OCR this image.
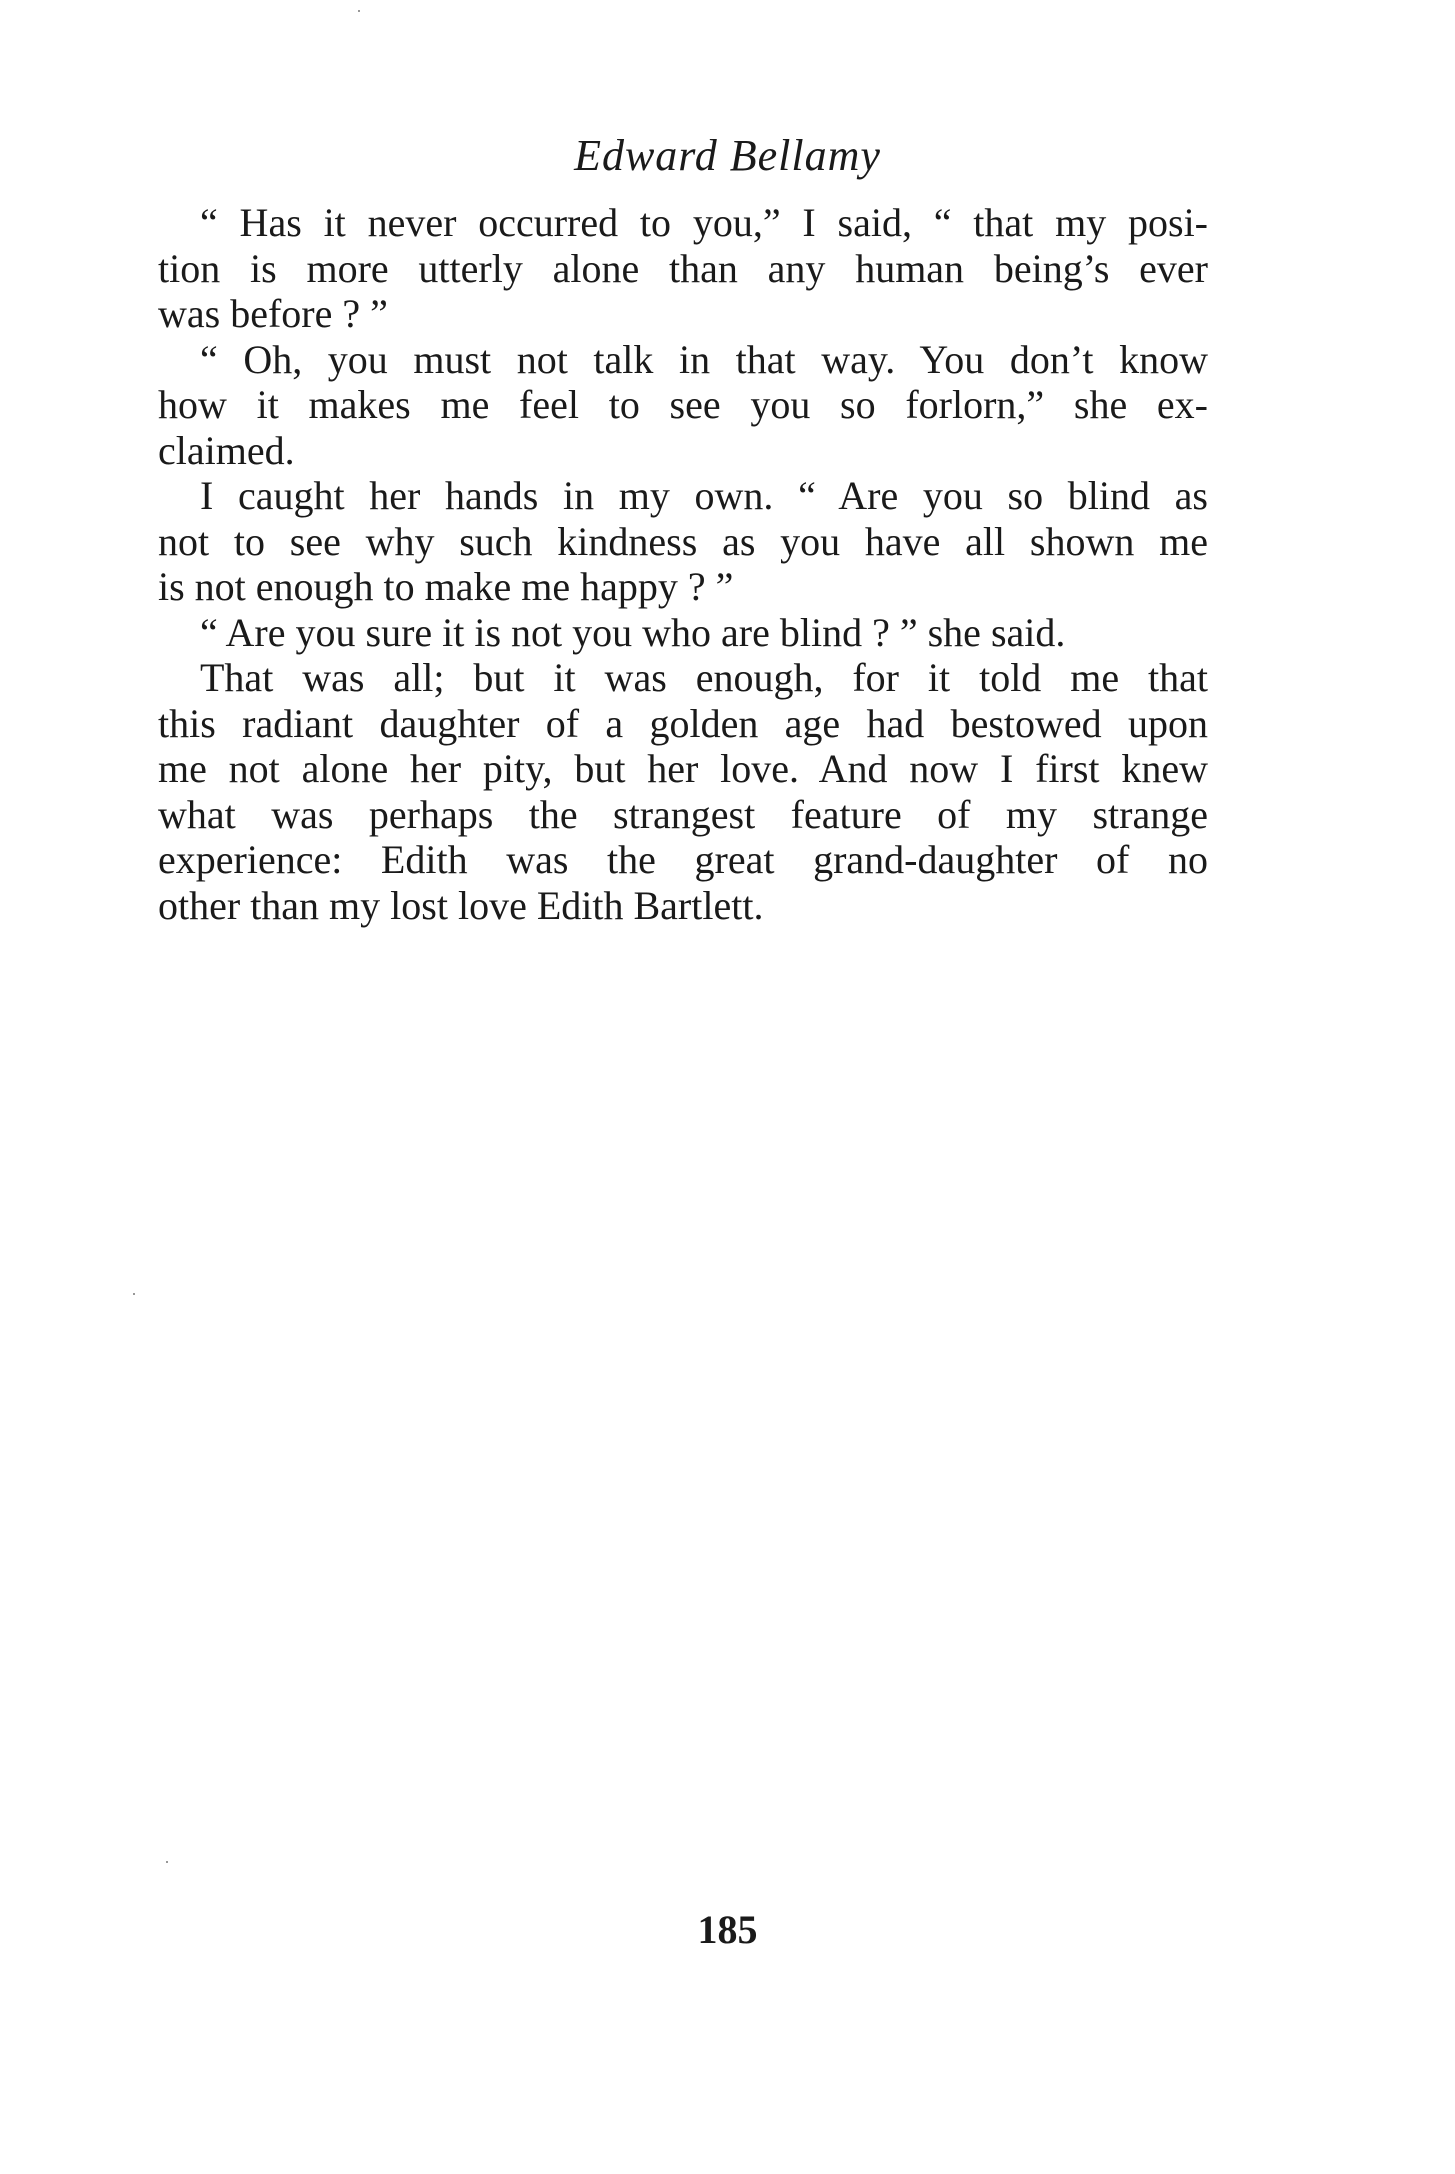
Edward Bellamy
“ Has it never occurred to you,” I said, “ that my posi-
tion is more utterly alone than any human being’s ever
was before ? ”
“ Oh, you must not talk in that way. You don’t know
how it makes me feel to see you so forlorn,” she ex-
claimed.
I caught her hands in my own. “ Are you so blind as
not to see why such kindness as you have all shown me
is not enough to make me happy ? ”
“ Are you sure it is not you who are blind ? ” she said.
That was all; but it was enough, for it told me that
this radiant daughter of a golden age had bestowed upon
me not alone her pity, but her love. And now I first knew
what was perhaps the strangest feature of my strange
experience: Edith was the great grand-daughter of no
other than my lost love Edith Bartlett.
185
